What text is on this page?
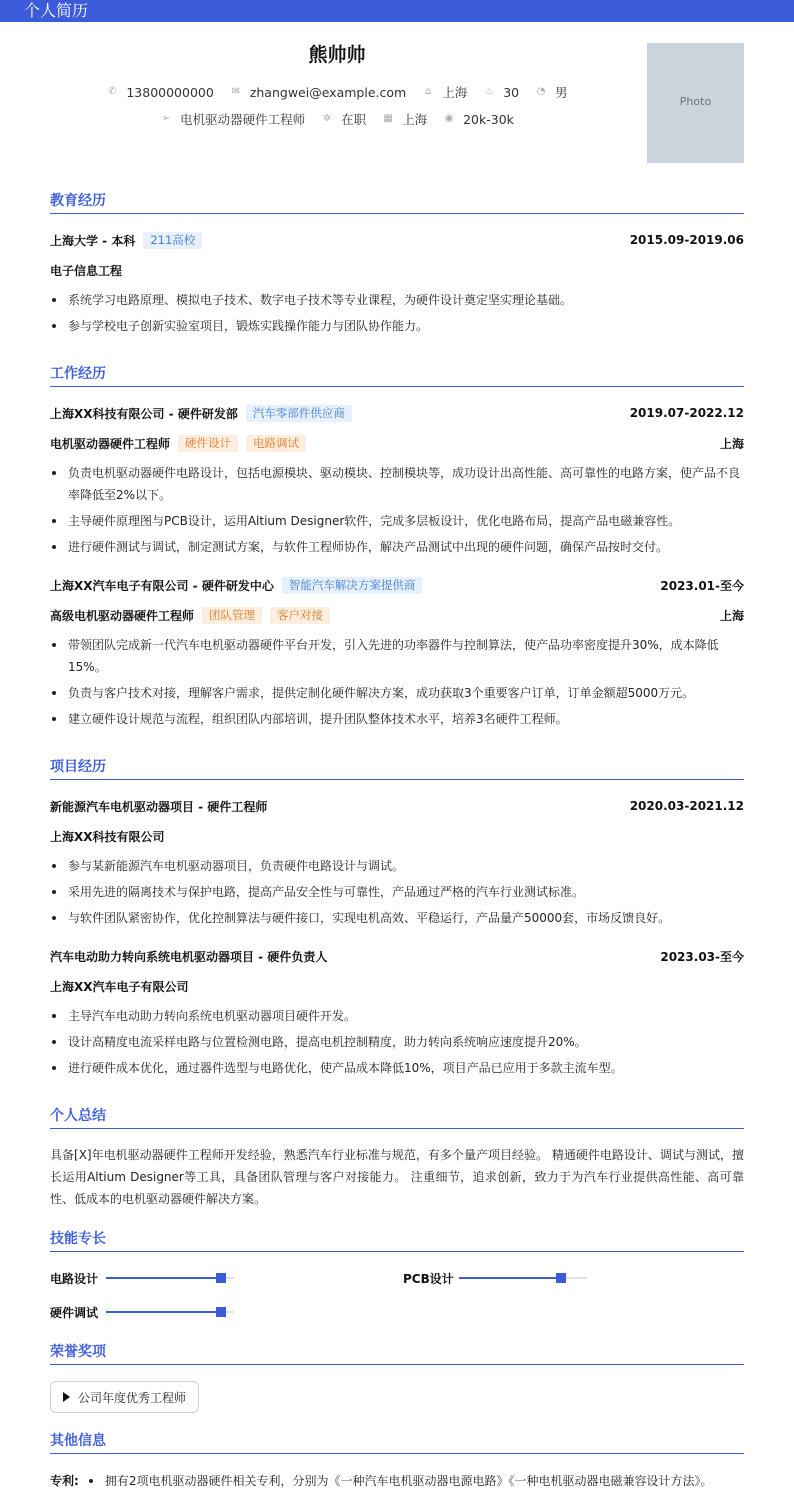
个人简历
熊帅帅
✆ 13800000000 ✉ zhangwei@example.com ⌂ 上海 ♨ 30 ◔ 男
➢ 电机驱动器硬件工程师 ✲ 在职 ▦ 上海 ◉ 20k-30k
Photo
教育经历
上海大学 - 本科	211高校	2015.09-2019.06
电子信息工程
系统学习电路原理、模拟电子技术、数字电子技术等专业课程，为硬件设计奠定坚实理论基础。
参与学校电子创新实验室项目，锻炼实践操作能力与团队协作能力。
工作经历
上海XX科技有限公司 - 硬件研发部	汽车零部件供应商	2019.07-2022.12
电机驱动器硬件工程师	硬件设计	电路调试	上海
负责电机驱动器硬件电路设计，包括电源模块、驱动模块、控制模块等，成功设计出高性能、高可靠性的电路方案，使产品不良率降低至2%以下。
主导硬件原理图与PCB设计，运用Altium Designer软件，完成多层板设计，优化电路布局，提高产品电磁兼容性。
进行硬件测试与调试，制定测试方案，与软件工程师协作，解决产品测试中出现的硬件问题，确保产品按时交付。
上海XX汽车电子有限公司 - 硬件研发中心	智能汽车解决方案提供商	2023.01-至今
高级电机驱动器硬件工程师	团队管理	客户对接	上海
带领团队完成新一代汽车电机驱动器硬件平台开发，引入先进的功率器件与控制算法，使产品功率密度提升30%，成本降低15%。
负责与客户技术对接，理解客户需求，提供定制化硬件解决方案，成功获取3个重要客户订单，订单金额超5000万元。
建立硬件设计规范与流程，组织团队内部培训，提升团队整体技术水平，培养3名硬件工程师。
项目经历
新能源汽车电机驱动器项目 - 硬件工程师	2020.03-2021.12
上海XX科技有限公司
参与某新能源汽车电机驱动器项目，负责硬件电路设计与调试。
采用先进的隔离技术与保护电路，提高产品安全性与可靠性，产品通过严格的汽车行业测试标准。
与软件团队紧密协作，优化控制算法与硬件接口，实现电机高效、平稳运行，产品量产50000套，市场反馈良好。
汽车电动助力转向系统电机驱动器项目 - 硬件负责人	2023.03-至今
上海XX汽车电子有限公司
主导汽车电动助力转向系统电机驱动器项目硬件开发。
设计高精度电流采样电路与位置检测电路，提高电机控制精度，助力转向系统响应速度提升20%。
进行硬件成本优化，通过器件选型与电路优化，使产品成本降低10%，项目产品已应用于多款主流车型。
个人总结
具备[X]年电机驱动器硬件工程师开发经验，熟悉汽车行业标准与规范，有多个量产项目经验。 精通硬件电路设计、调试与测试，擅长运用Altium Designer等工具，具备团队管理与客户对接能力。 注重细节，追求创新，致力于为汽车行业提供高性能、高可靠性、低成本的电机驱动器硬件解决方案。
技能专长
电路设计	PCB设计
硬件调试
荣誉奖项
公司年度优秀工程师
其他信息
专利: 拥有2项电机驱动器硬件相关专利，分别为《一种汽车电机驱动器电源电路》《一种电机驱动器电磁兼容设计方法》。
